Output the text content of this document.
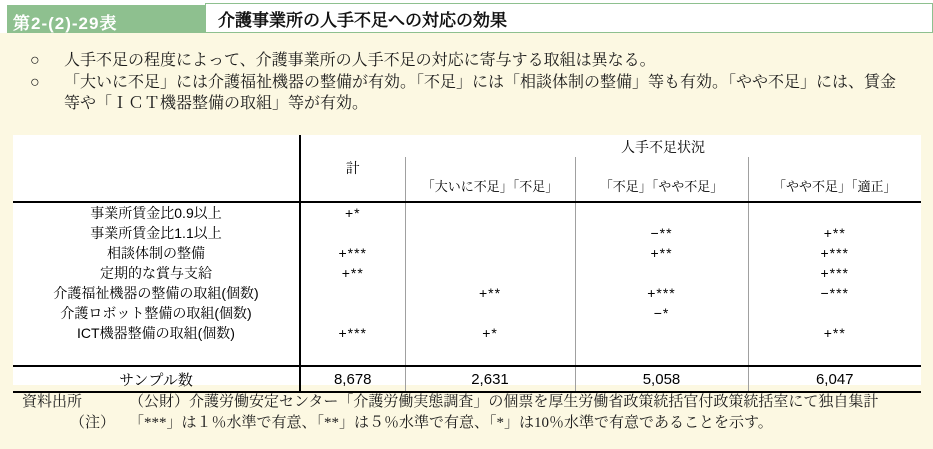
第2-(2)-29表	介護事業所の人手不足への対応の効果
○	人手不足の程度によって、介護事業所の人手不足の対応に寄与する取組は異なる。
○	「大いに不足」には介護福祉機器の整備が有効。「不足」には「相談体制の整備」等も有効。「やや不足」には、賃金等や「ＩＣＴ機器整備の取組」等が有効。
	計	人手不足状況		
		「大いに不足」「不足」	「不足」「やや不足」	「やや不足」「適正」
事業所賃金比0.9以上	+*			
事業所賃金比1.1以上			−**	+**
相談体制の整備	+***		+**	+***
定期的な賞与支給	+**			+***
介護福祉機器の整備の取組(個数)		+**	+***	−***
介護ロボット整備の取組(個数)			−*	
ICT機器整備の取組(個数)	+***	+*		+**

サンプル数	8,678	2,631	5,058	6,047
資料出所	（公財）介護労働安定センター「介護労働実態調査」の個票を厚生労働省政策統括官付政策統括室にて独自集計
（注） 「***」は１％水準で有意、「**」は５％水準で有意、「*」は10％水準で有意であることを示す。
